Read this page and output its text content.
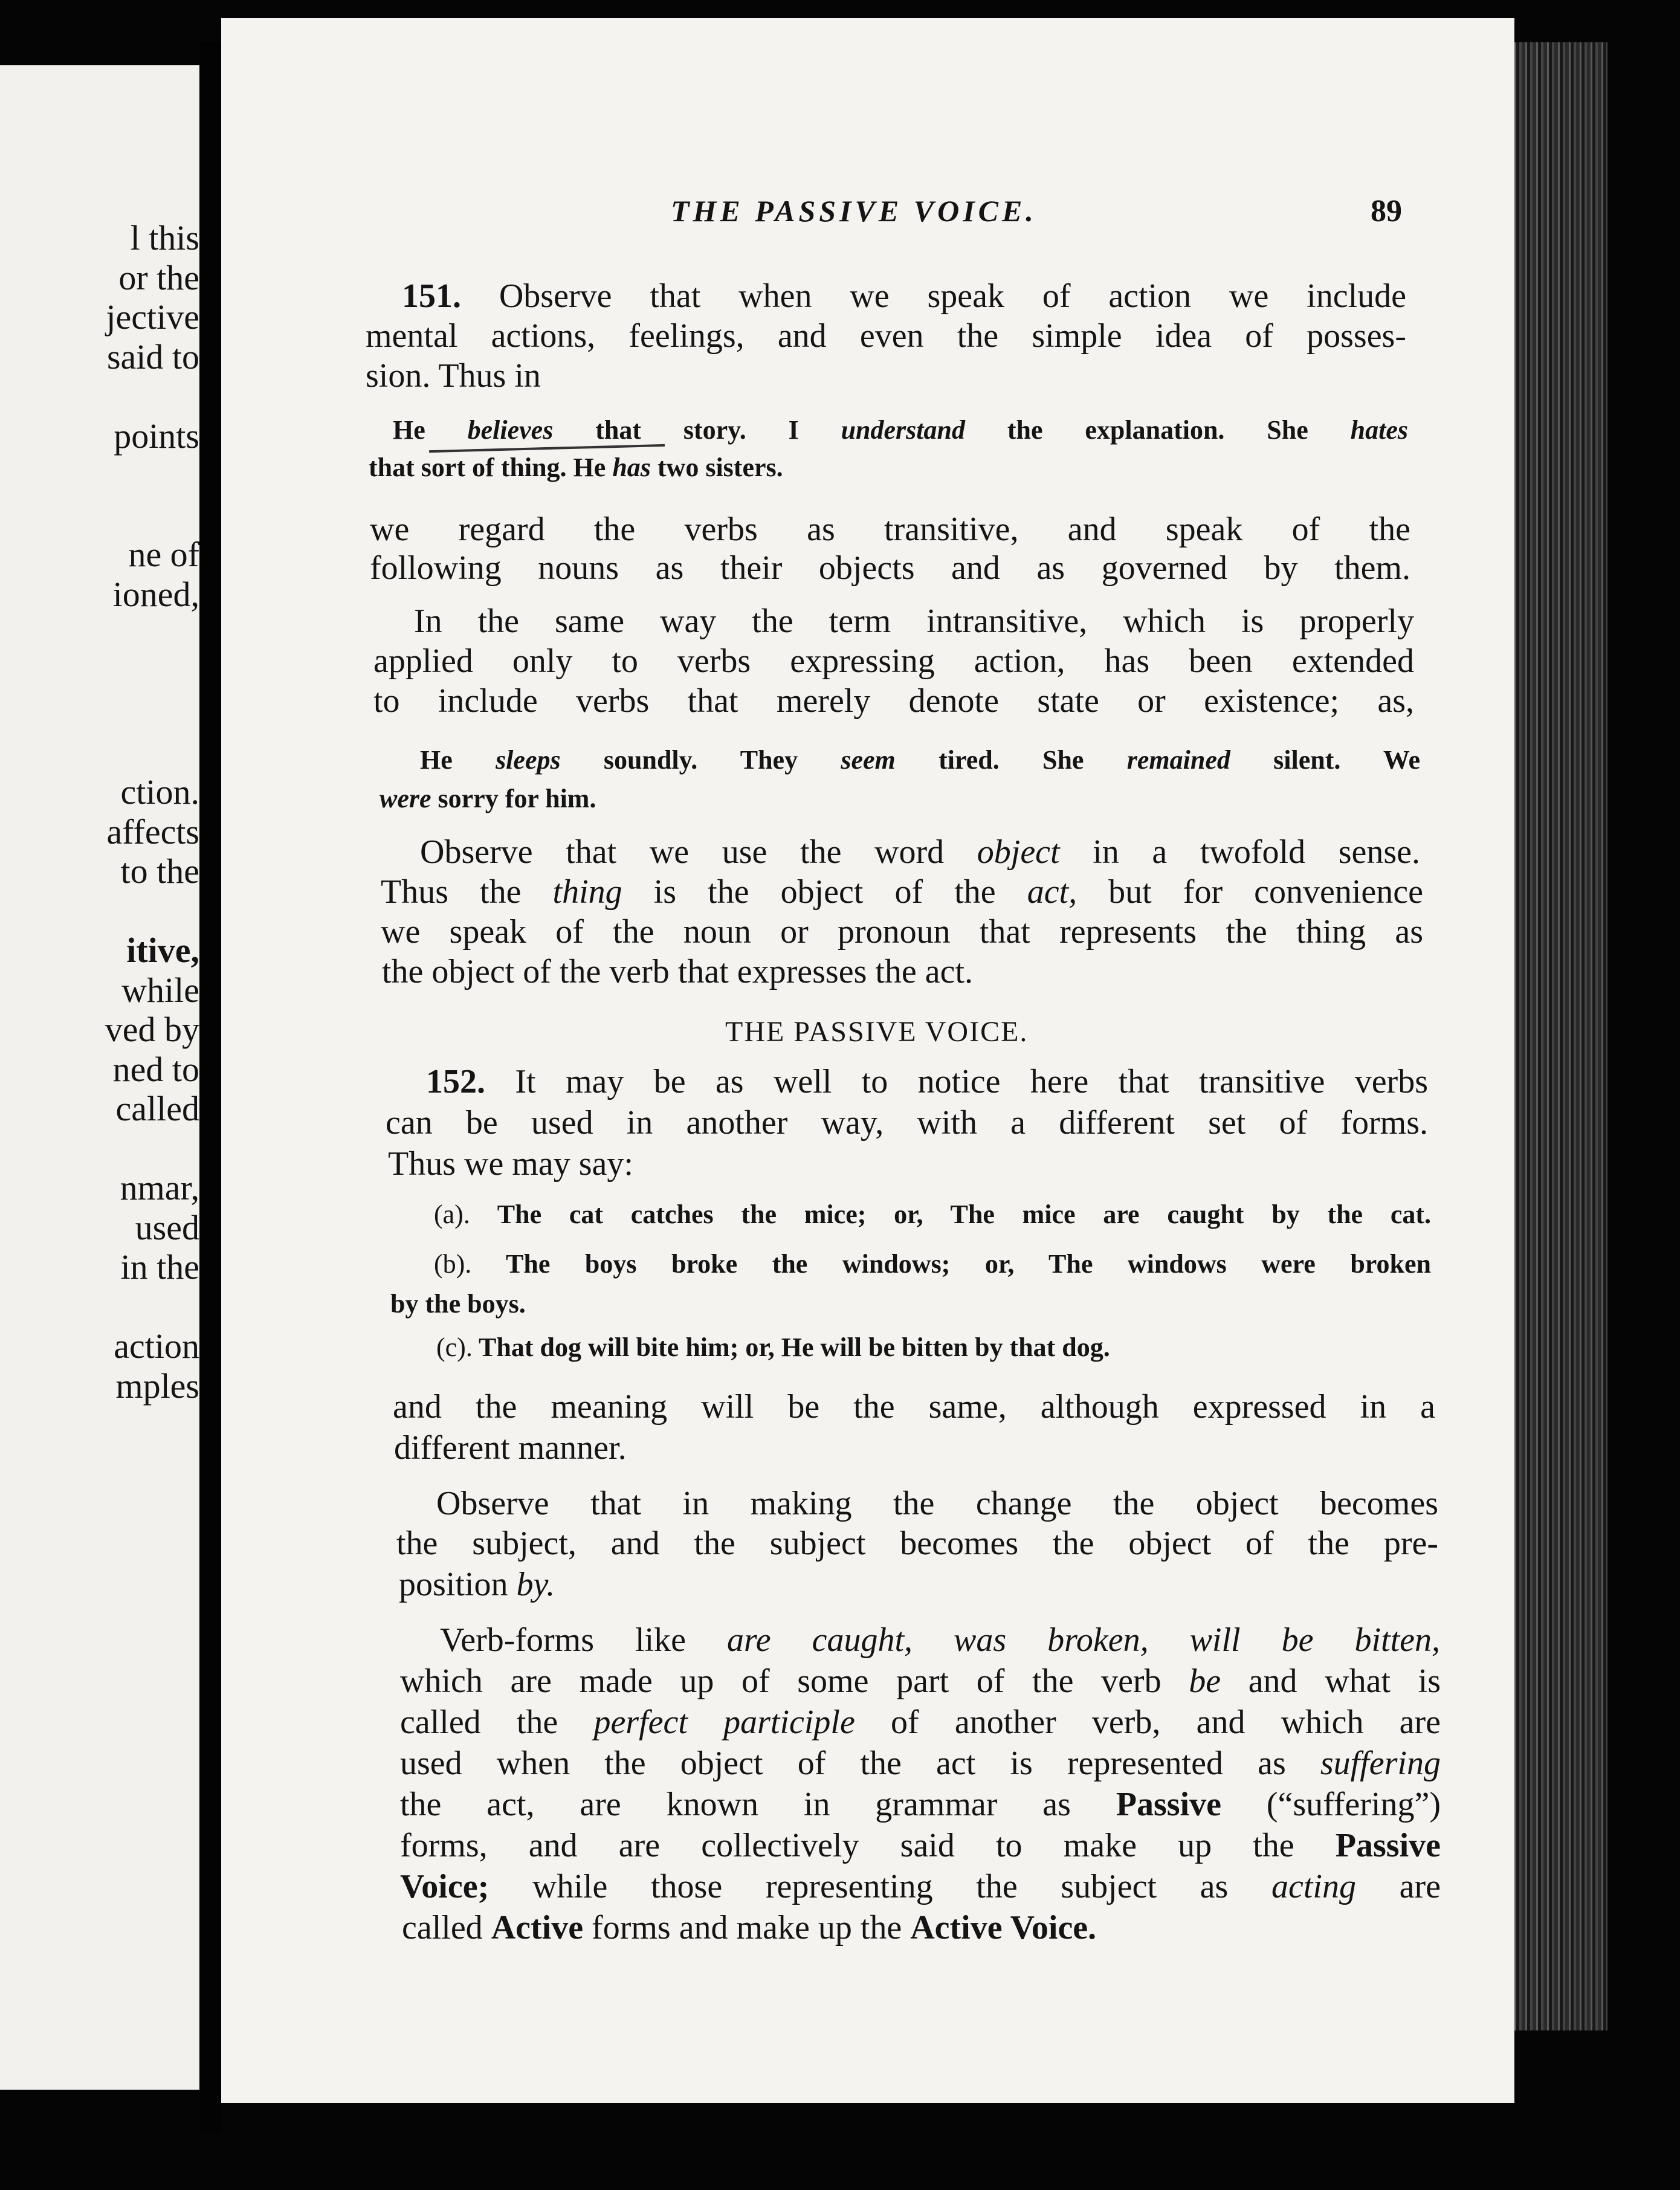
l this
or the
jective
said to
points
ne of
ioned,
ction.
affects
to the
itive,
while
ved by
ned to
called
nmar,
used
in the
action
mples
THE PASSIVE VOICE.	89
151. Observe that when we speak of action we include
mental actions, feelings, and even the simple idea of posses-
sion. Thus in
He believes that story. I understand the explanation. She hates
that sort of thing. He has two sisters.
we regard the verbs as transitive, and speak of the
following nouns as their objects and as governed by them.
In the same way the term intransitive, which is properly
applied only to verbs expressing action, has been extended
to include verbs that merely denote state or existence; as,
He sleeps soundly. They seem tired. She remained silent. We
were sorry for him.
Observe that we use the word object in a twofold sense.
Thus the thing is the object of the act, but for convenience
we speak of the noun or pronoun that represents the thing as
the object of the verb that expresses the act.
THE PASSIVE VOICE.
152. It may be as well to notice here that transitive verbs
can be used in another way, with a different set of forms.
Thus we may say:
(a). The cat catches the mice; or, The mice are caught by the cat.
(b). The boys broke the windows; or, The windows were broken
by the boys.
(c). That dog will bite him; or, He will be bitten by that dog.
and the meaning will be the same, although expressed in a
different manner.
Observe that in making the change the object becomes
the subject, and the subject becomes the object of the pre-
position by.
Verb-forms like are caught, was broken, will be bitten,
which are made up of some part of the verb be and what is
called the perfect participle of another verb, and which are
used when the object of the act is represented as suffering
the act, are known in grammar as Passive (“suffering”)
forms, and are collectively said to make up the Passive
Voice; while those representing the subject as acting are
called Active forms and make up the Active Voice.
